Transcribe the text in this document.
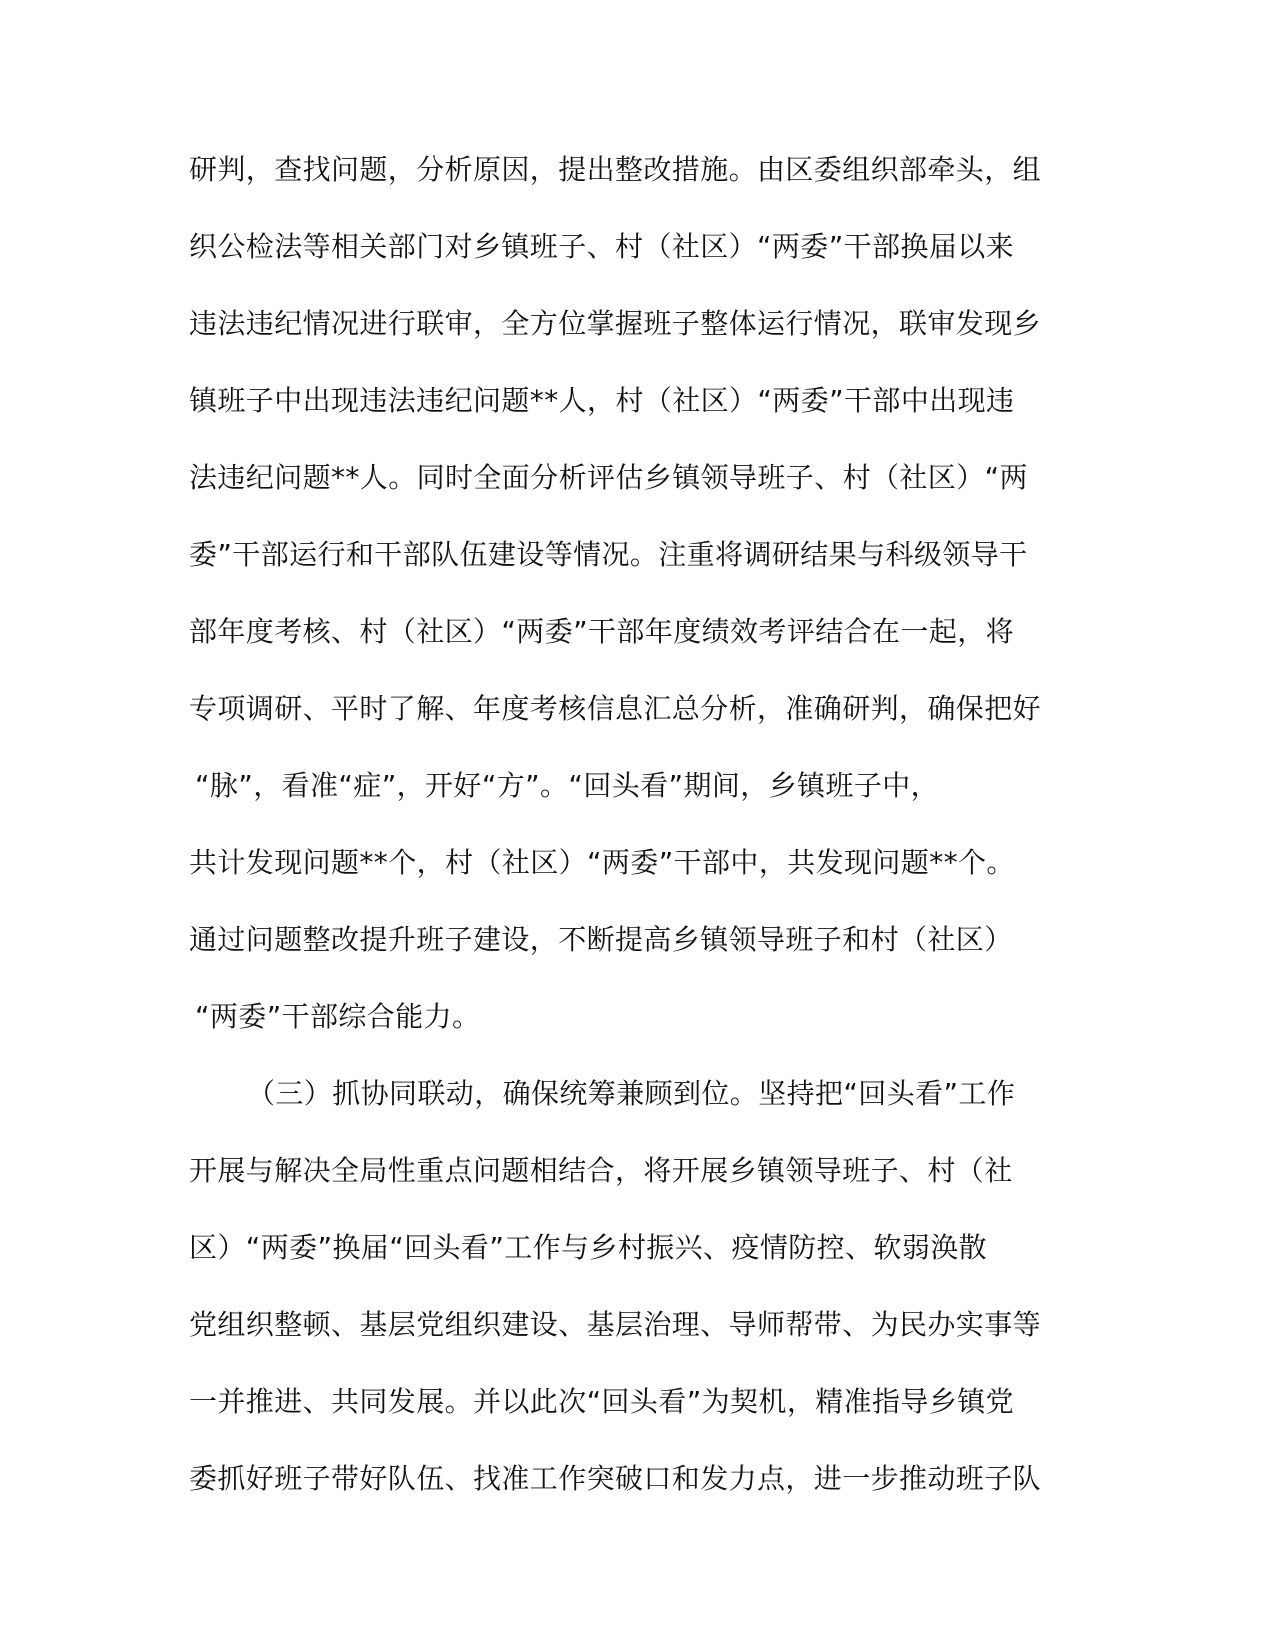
研判，查找问题，分析原因，提出整改措施。由区委组织部牵头，组
织公检法等相关部门对乡镇班子、村（社区）“两委”干部换届以来
违法违纪情况进行联审，全方位掌握班子整体运行情况，联审发现乡
镇班子中出现违法违纪问题**人，村（社区）“两委”干部中出现违
法违纪问题**人。同时全面分析评估乡镇领导班子、村（社区）“两
委”干部运行和干部队伍建设等情况。注重将调研结果与科级领导干
部年度考核、村（社区）“两委”干部年度绩效考评结合在一起，将
专项调研、平时了解、年度考核信息汇总分析，准确研判，确保把好
“脉”，看准“症”，开好“方”。“回头看”期间，乡镇班子中，
共计发现问题**个，村（社区）“两委”干部中，共发现问题**个。
通过问题整改提升班子建设，不断提高乡镇领导班子和村（社区）
“两委”干部综合能力。
（三）抓协同联动，确保统筹兼顾到位。坚持把“回头看”工作
开展与解决全局性重点问题相结合，将开展乡镇领导班子、村（社
区）“两委”换届“回头看”工作与乡村振兴、疫情防控、软弱涣散
党组织整顿、基层党组织建设、基层治理、导师帮带、为民办实事等
一并推进、共同发展。并以此次“回头看”为契机，精准指导乡镇党
委抓好班子带好队伍、找准工作突破口和发力点，进一步推动班子队
